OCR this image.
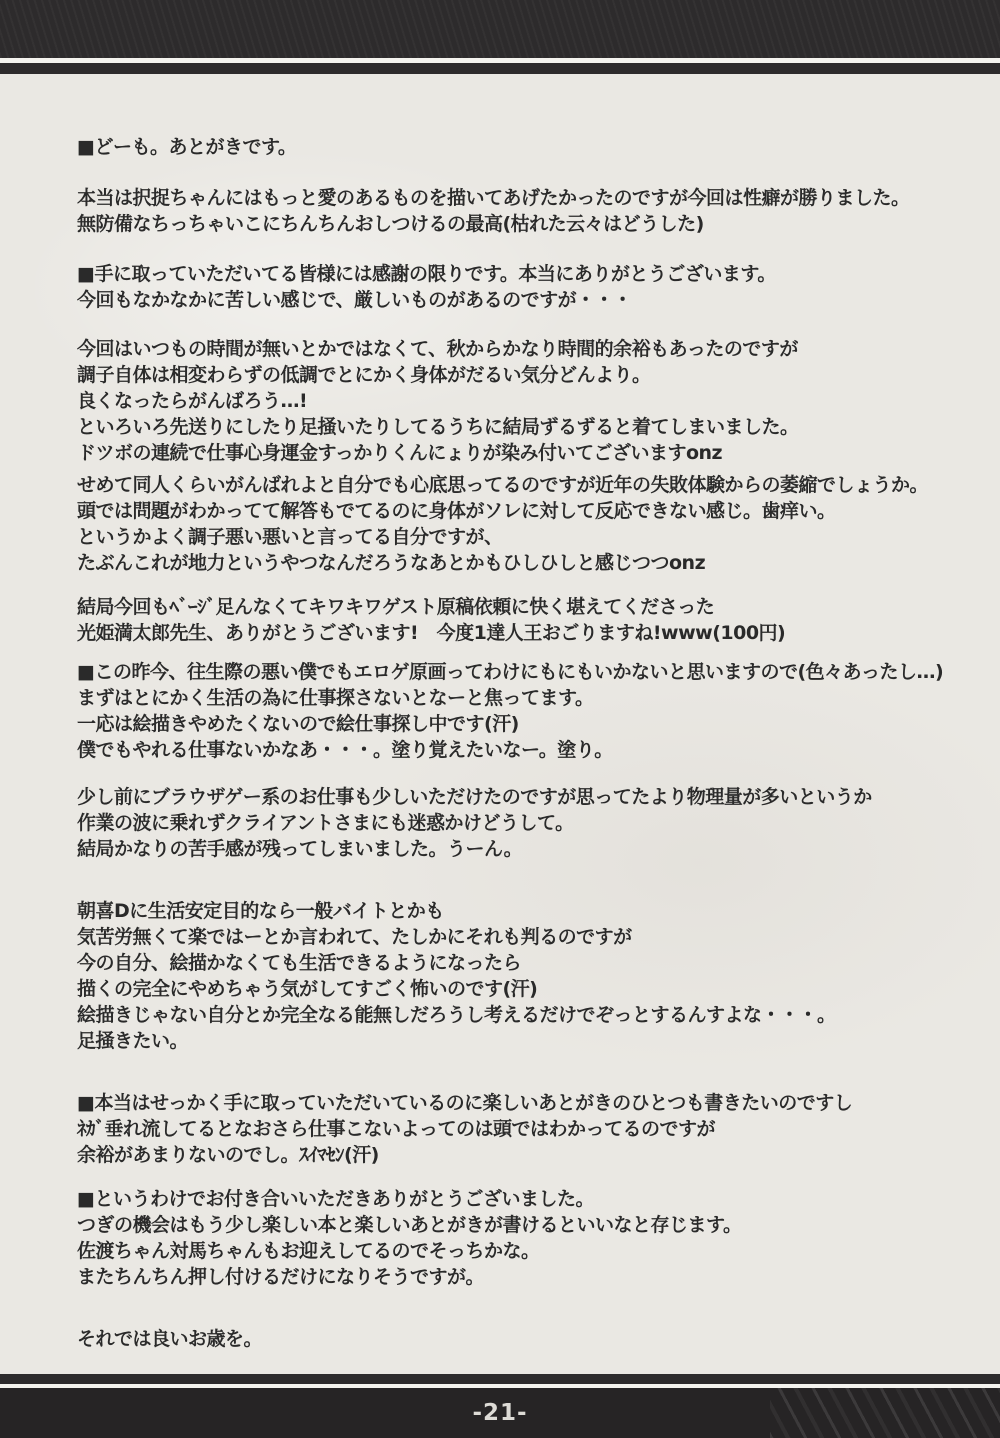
■どーも。あとがきです。
本当は択捉ちゃんにはもっと愛のあるものを描いてあげたかったのですが今回は性癖が勝りました。
無防備なちっちゃいこにちんちんおしつけるの最高(枯れた云々はどうした)
■手に取っていただいてる皆様には感謝の限りです。本当にありがとうございます。
今回もなかなかに苦しい感じで、厳しいものがあるのですが・・・
今回はいつもの時間が無いとかではなくて、秋からかなり時間的余裕もあったのですが
調子自体は相変わらずの低調でとにかく身体がだるい気分どんより。
良くなったらがんばろう…!
といろいろ先送りにしたり足掻いたりしてるうちに結局ずるずると着てしまいました。
ドツボの連続で仕事心身運金すっかりくんにょりが染み付いてございますonz
せめて同人くらいがんばれよと自分でも心底思ってるのですが近年の失敗体験からの萎縮でしょうか。
頭では問題がわかってて解答もでてるのに身体がソレに対して反応できない感じ。歯痒い。
というかよく調子悪い悪いと言ってる自分ですが、
たぶんこれが地力というやつなんだろうなあとかもひしひしと感じつつonz
結局今回もﾍﾞｰｼﾞ足んなくてキワキワゲスト原稿依頼に快く堪えてくださった
光姫満太郎先生、ありがとうございます!　今度1達人王おごりますね!www(100円)
■この昨今、往生際の悪い僕でもエロゲ原画ってわけにもにもいかないと思いますので(色々あったし…)
まずはとにかく生活の為に仕事探さないとなーと焦ってます。
一応は絵描きやめたくないので絵仕事探し中です(汗)
僕でもやれる仕事ないかなあ・・・。塗り覚えたいなー。塗り。
少し前にブラウザゲー系のお仕事も少しいただけたのですが思ってたより物理量が多いというか
作業の波に乗れずクライアントさまにも迷惑かけどうして。
結局かなりの苦手感が残ってしまいました。うーん。
朝喜Dに生活安定目的なら一般バイトとかも
気苦労無くて楽ではーとか言われて、たしかにそれも判るのですが
今の自分、絵描かなくても生活できるようになったら
描くの完全にやめちゃう気がしてすごく怖いのです(汗)
絵描きじゃない自分とか完全なる能無しだろうし考えるだけでぞっとするんすよな・・・。
足掻きたい。
■本当はせっかく手に取っていただいているのに楽しいあとがきのひとつも書きたいのですし
ﾈｶﾞ垂れ流してるとなおさら仕事こないよってのは頭ではわかってるのですが
余裕があまりないのでし。ｽｲﾏｾﾝ(汗)
■というわけでお付き合いいただきありがとうございました。
つぎの機会はもう少し楽しい本と楽しいあとがきが書けるといいなと存じます。
佐渡ちゃん対馬ちゃんもお迎えしてるのでそっちかな。
またちんちん押し付けるだけになりそうですが。
それでは良いお歳を。
-21-
